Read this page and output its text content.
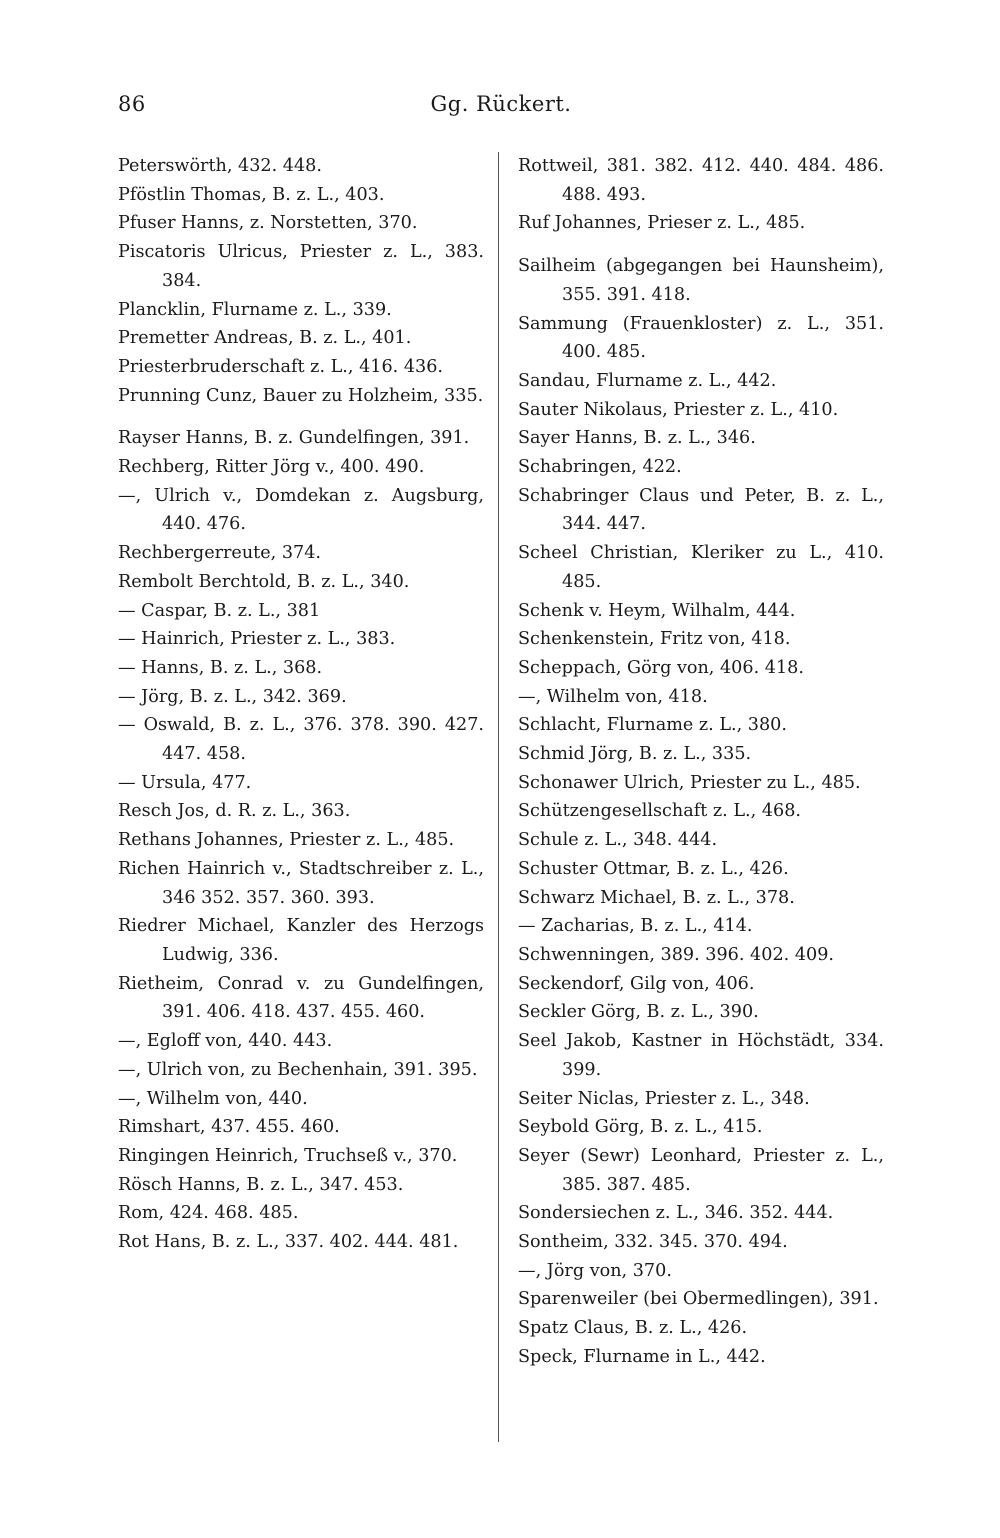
86	Gg. Rückert.
Peterswörth, 432. 448.
Pföstlin Thomas, B. z. L., 403.
Pfuser Hanns, z. Norstetten, 370.
Piscatoris Ulricus, Priester z. L., 383. 384.
Plancklin, Flurname z. L., 339.
Premetter Andreas, B. z. L., 401.
Priesterbruderschaft z. L., 416. 436.
Prunning Cunz, Bauer zu Holzheim, 335.
Rayser Hanns, B. z. Gundelfingen, 391.
Rechberg, Ritter Jörg v., 400. 490.
—, Ulrich v., Domdekan z. Augsburg, 440. 476.
Rechbergerreute, 374.
Rembolt Berchtold, B. z. L., 340.
— Caspar, B. z. L., 381
— Hainrich, Priester z. L., 383.
— Hanns, B. z. L., 368.
— Jörg, B. z. L., 342. 369.
— Oswald, B. z. L., 376. 378. 390. 427. 447. 458.
— Ursula, 477.
Resch Jos, d. R. z. L., 363.
Rethans Johannes, Priester z. L., 485.
Richen Hainrich v., Stadtschreiber z. L., 346 352. 357. 360. 393.
Riedrer Michael, Kanzler des Herzogs Ludwig, 336.
Rietheim, Conrad v. zu Gundelfingen, 391. 406. 418. 437. 455. 460.
—, Egloff von, 440. 443.
—, Ulrich von, zu Bechenhain, 391. 395.
—, Wilhelm von, 440.
Rimshart, 437. 455. 460.
Ringingen Heinrich, Truchseß v., 370.
Rösch Hanns, B. z. L., 347. 453.
Rom, 424. 468. 485.
Rot Hans, B. z. L., 337. 402. 444. 481.
Rottweil, 381. 382. 412. 440. 484. 486. 488. 493.
Ruf Johannes, Prieser z. L., 485.
Sailheim (abgegangen bei Haunsheim), 355. 391. 418.
Sammung (Frauenkloster) z. L., 351. 400. 485.
Sandau, Flurname z. L., 442.
Sauter Nikolaus, Priester z. L., 410.
Sayer Hanns, B. z. L., 346.
Schabringen, 422.
Schabringer Claus und Peter, B. z. L., 344. 447.
Scheel Christian, Kleriker zu L., 410. 485.
Schenk v. Heym, Wilhalm, 444.
Schenkenstein, Fritz von, 418.
Scheppach, Görg von, 406. 418.
—, Wilhelm von, 418.
Schlacht, Flurname z. L., 380.
Schmid Jörg, B. z. L., 335.
Schonawer Ulrich, Priester zu L., 485.
Schützengesellschaft z. L., 468.
Schule z. L., 348. 444.
Schuster Ottmar, B. z. L., 426.
Schwarz Michael, B. z. L., 378.
— Zacharias, B. z. L., 414.
Schwenningen, 389. 396. 402. 409.
Seckendorf, Gilg von, 406.
Seckler Görg, B. z. L., 390.
Seel Jakob, Kastner in Höchstädt, 334. 399.
Seiter Niclas, Priester z. L., 348.
Seybold Görg, B. z. L., 415.
Seyer (Sewr) Leonhard, Priester z. L., 385. 387. 485.
Sondersiechen z. L., 346. 352. 444.
Sontheim, 332. 345. 370. 494.
—, Jörg von, 370.
Sparenweiler (bei Obermedlingen), 391.
Spatz Claus, B. z. L., 426.
Speck, Flurname in L., 442.
